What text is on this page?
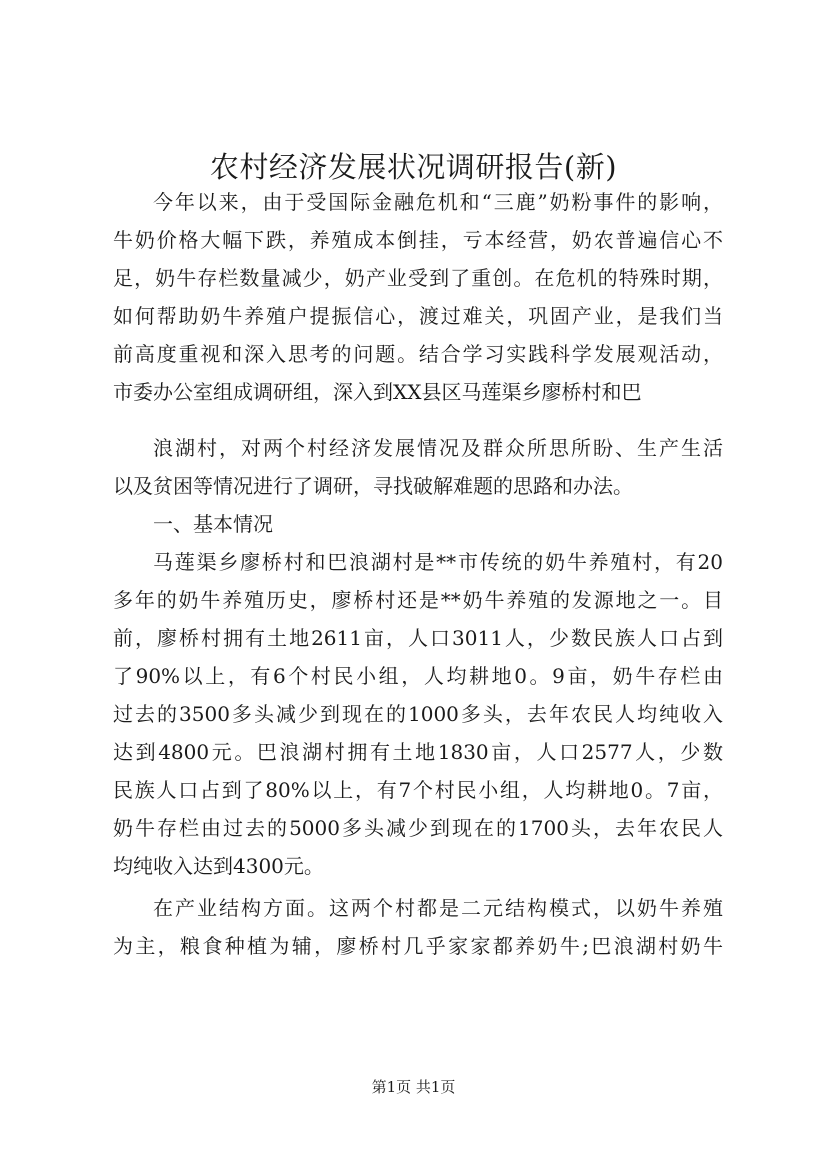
农村经济发展状况调研报告(新)
今年以来，由于受国际金融危机和“三鹿”奶粉事件的影响，
牛奶价格大幅下跌，养殖成本倒挂，亏本经营，奶农普遍信心不
足，奶牛存栏数量减少，奶产业受到了重创。在危机的特殊时期，
如何帮助奶牛养殖户提振信心，渡过难关，巩固产业，是我们当
前高度重视和深入思考的问题。结合学习实践科学发展观活动，
市委办公室组成调研组，深入到XX县区马莲渠乡廖桥村和巴
浪湖村，对两个村经济发展情况及群众所思所盼、生产生活
以及贫困等情况进行了调研，寻找破解难题的思路和办法。
一、基本情况
马莲渠乡廖桥村和巴浪湖村是**市传统的奶牛养殖村，有20
多年的奶牛养殖历史，廖桥村还是**奶牛养殖的发源地之一。目
前，廖桥村拥有土地2611亩，人口3011人，少数民族人口占到
了90%以上，有6个村民小组，人均耕地0。9亩，奶牛存栏由
过去的3500多头减少到现在的1000多头，去年农民人均纯收入
达到4800元。巴浪湖村拥有土地1830亩，人口2577人，少数
民族人口占到了80%以上，有7个村民小组，人均耕地0。7亩，
奶牛存栏由过去的5000多头减少到现在的1700头，去年农民人
均纯收入达到4300元。
在产业结构方面。这两个村都是二元结构模式，以奶牛养殖
为主，粮食种植为辅，廖桥村几乎家家都养奶牛;巴浪湖村奶牛
第1页 共1页
